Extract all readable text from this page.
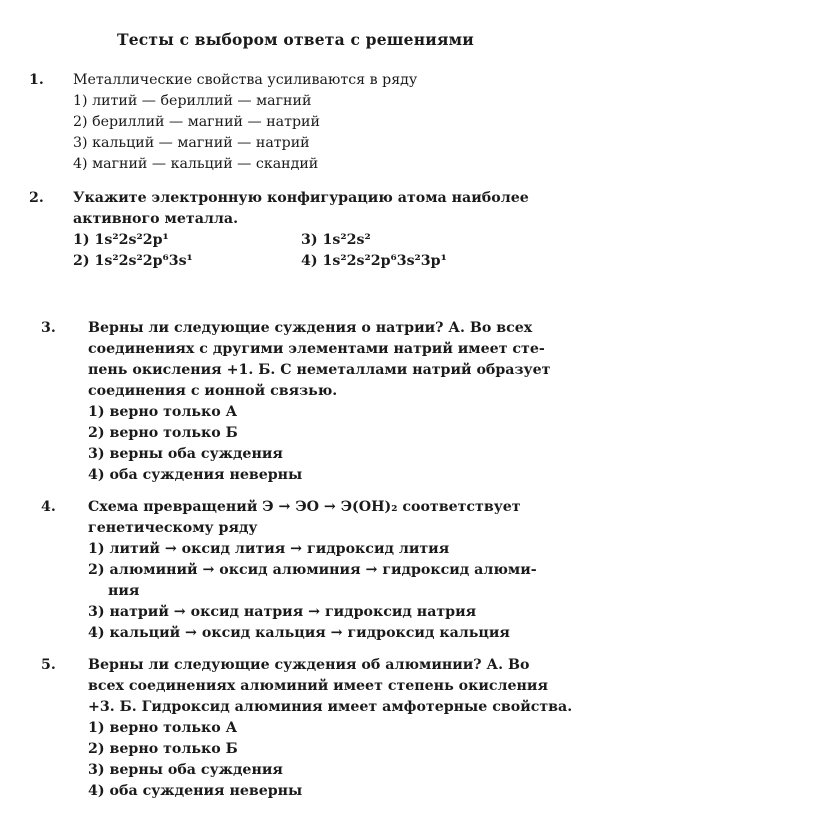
Тесты с выбором ответа с решениями
1. Металлические свойства усиливаются в ряду
1) литий — бериллий — магний
2) бериллий — магний — натрий
3) кальций — магний — натрий
4) магний — кальций — скандий
2. Укажите электронную конфигурацию атома наиболее
активного металла.
1) 1s²2s²2p¹
2) 1s²2s²2p⁶3s¹
3) 1s²2s²
4) 1s²2s²2p⁶3s²3p¹
3. Верны ли следующие суждения о натрии? А. Во всех
соединениях с другими элементами натрий имеет сте-
пень окисления +1. Б. С неметаллами натрий образует
соединения с ионной связью.
1) верно только А
2) верно только Б
3) верны оба суждения
4) оба суждения неверны
4. Схема превращений Э → ЭО → Э(ОН)₂ соответствует
генетическому ряду
1) литий → оксид лития → гидроксид лития
2) алюминий → оксид алюминия → гидроксид алюми-
ния
3) натрий → оксид натрия → гидроксид натрия
4) кальций → оксид кальция → гидроксид кальция
5. Верны ли следующие суждения об алюминии? А. Во
всех соединениях алюминий имеет степень окисления
+3. Б. Гидроксид алюминия имеет амфотерные свойства.
1) верно только А
2) верно только Б
3) верны оба суждения
4) оба суждения неверны
